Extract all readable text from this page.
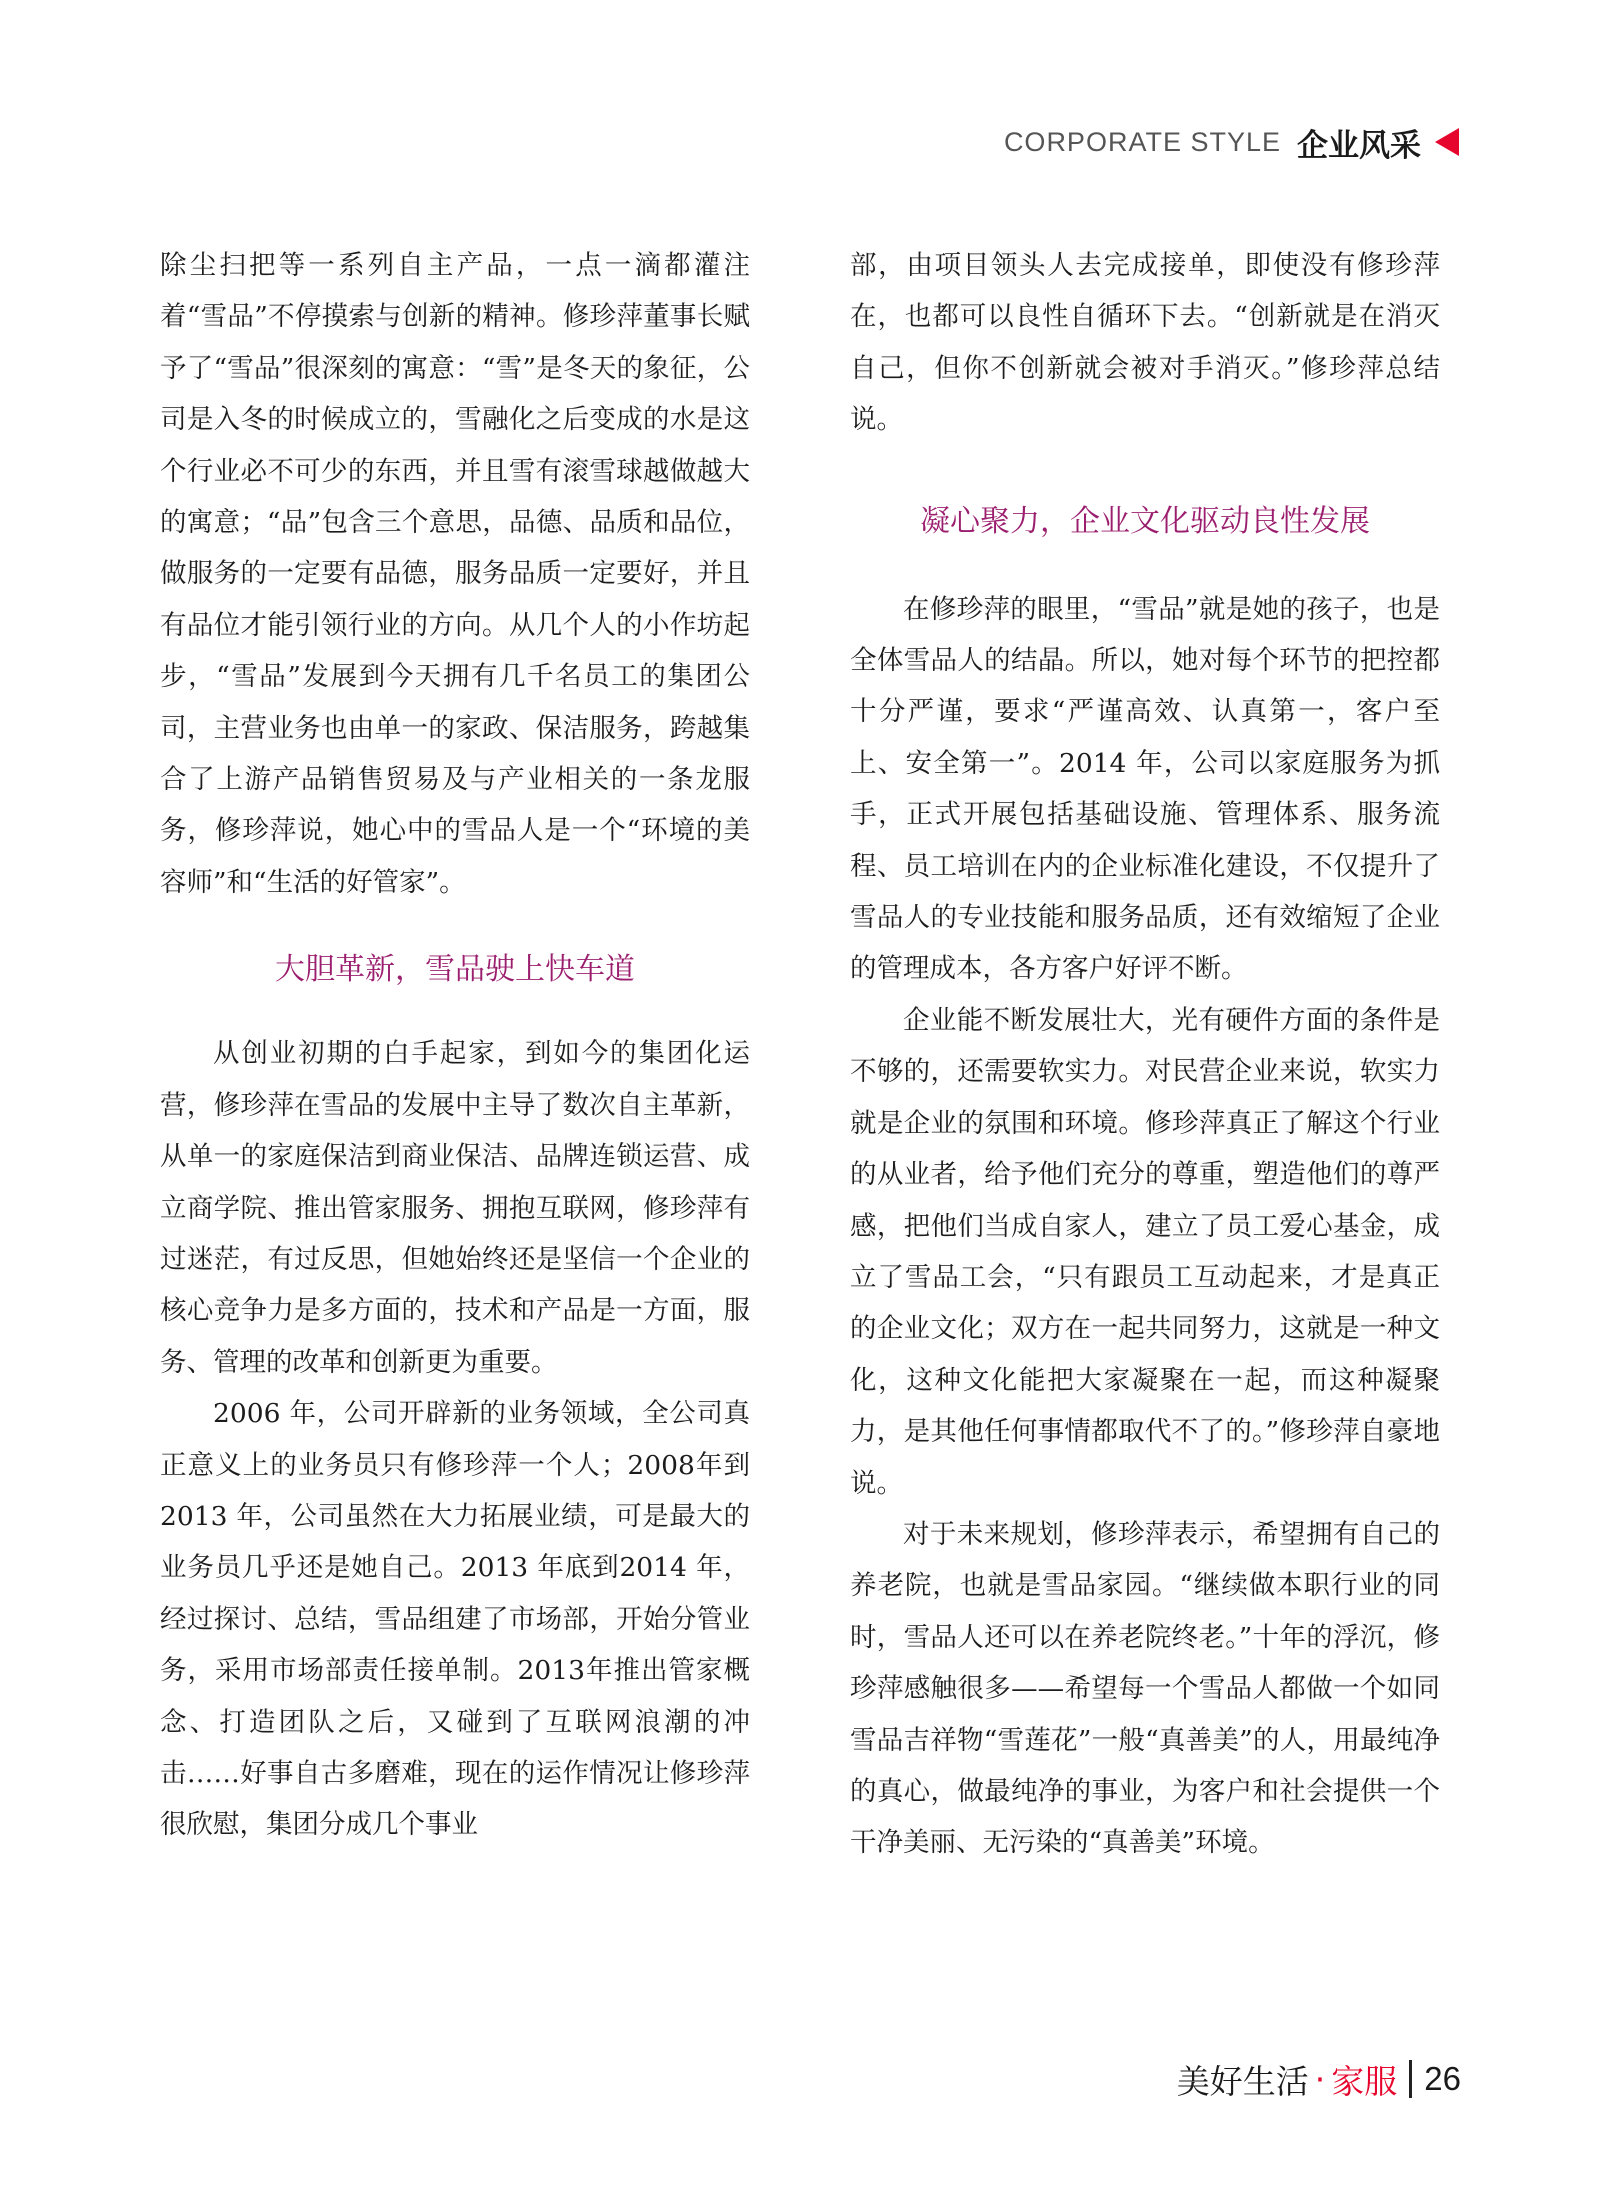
CORPORATE STYLE 企业风采

除尘扫把等一系列自主产品，一点一滴都灌注着“雪品”不停摸索与创新的精神。修珍萍董事长赋予了“雪品”很深刻的寓意：“雪”是冬天的象征，公司是入冬的时候成立的，雪融化之后变成的水是这个行业必不可少的东西，并且雪有滚雪球越做越大的寓意；“品”包含三个意思，品德、品质和品位，做服务的一定要有品德，服务品质一定要好，并且有品位才能引领行业的方向。从几个人的小作坊起步，“雪品”发展到今天拥有几千名员工的集团公司，主营业务也由单一的家政、保洁服务，跨越集合了上游产品销售贸易及与产业相关的一条龙服务，修珍萍说，她心中的雪品人是一个“环境的美容师”和“生活的好管家”。

大胆革新，雪品驶上快车道

从创业初期的白手起家，到如今的集团化运营，修珍萍在雪品的发展中主导了数次自主革新，从单一的家庭保洁到商业保洁、品牌连锁运营、成立商学院、推出管家服务、拥抱互联网，修珍萍有过迷茫，有过反思，但她始终还是坚信一个企业的核心竞争力是多方面的，技术和产品是一方面，服务、管理的改革和创新更为重要。

2006 年，公司开辟新的业务领域，全公司真正意义上的业务员只有修珍萍一个人；2008年到 2013 年，公司虽然在大力拓展业绩，可是最大的业务员几乎还是她自己。2013 年底到2014 年，经过探讨、总结，雪品组建了市场部，开始分管业务，采用市场部责任接单制。2013年推出管家概念、打造团队之后，又碰到了互联网浪潮的冲击……好事自古多磨难，现在的运作情况让修珍萍很欣慰，集团分成几个事业

部，由项目领头人去完成接单，即使没有修珍萍在，也都可以良性自循环下去。“创新就是在消灭自己，但你不创新就会被对手消灭。”修珍萍总结说。

凝心聚力，企业文化驱动良性发展

在修珍萍的眼里，“雪品”就是她的孩子，也是全体雪品人的结晶。所以，她对每个环节的把控都十分严谨，要求“严谨高效、认真第一，客户至上、安全第一”。2014 年，公司以家庭服务为抓手，正式开展包括基础设施、管理体系、服务流程、员工培训在内的企业标准化建设，不仅提升了雪品人的专业技能和服务品质，还有效缩短了企业的管理成本，各方客户好评不断。

企业能不断发展壮大，光有硬件方面的条件是不够的，还需要软实力。对民营企业来说，软实力就是企业的氛围和环境。修珍萍真正了解这个行业的从业者，给予他们充分的尊重，塑造他们的尊严感，把他们当成自家人，建立了员工爱心基金，成立了雪品工会，“只有跟员工互动起来，才是真正的企业文化；双方在一起共同努力，这就是一种文化，这种文化能把大家凝聚在一起，而这种凝聚力，是其他任何事情都取代不了的。”修珍萍自豪地说。

对于未来规划，修珍萍表示，希望拥有自己的养老院，也就是雪品家园。“继续做本职行业的同时，雪品人还可以在养老院终老。”十年的浮沉，修珍萍感触很多——希望每一个雪品人都做一个如同雪品吉祥物“雪莲花”一般“真善美”的人，用最纯净的真心，做最纯净的事业，为客户和社会提供一个干净美丽、无污染的“真善美”环境。

美好生活 · 家服 26
